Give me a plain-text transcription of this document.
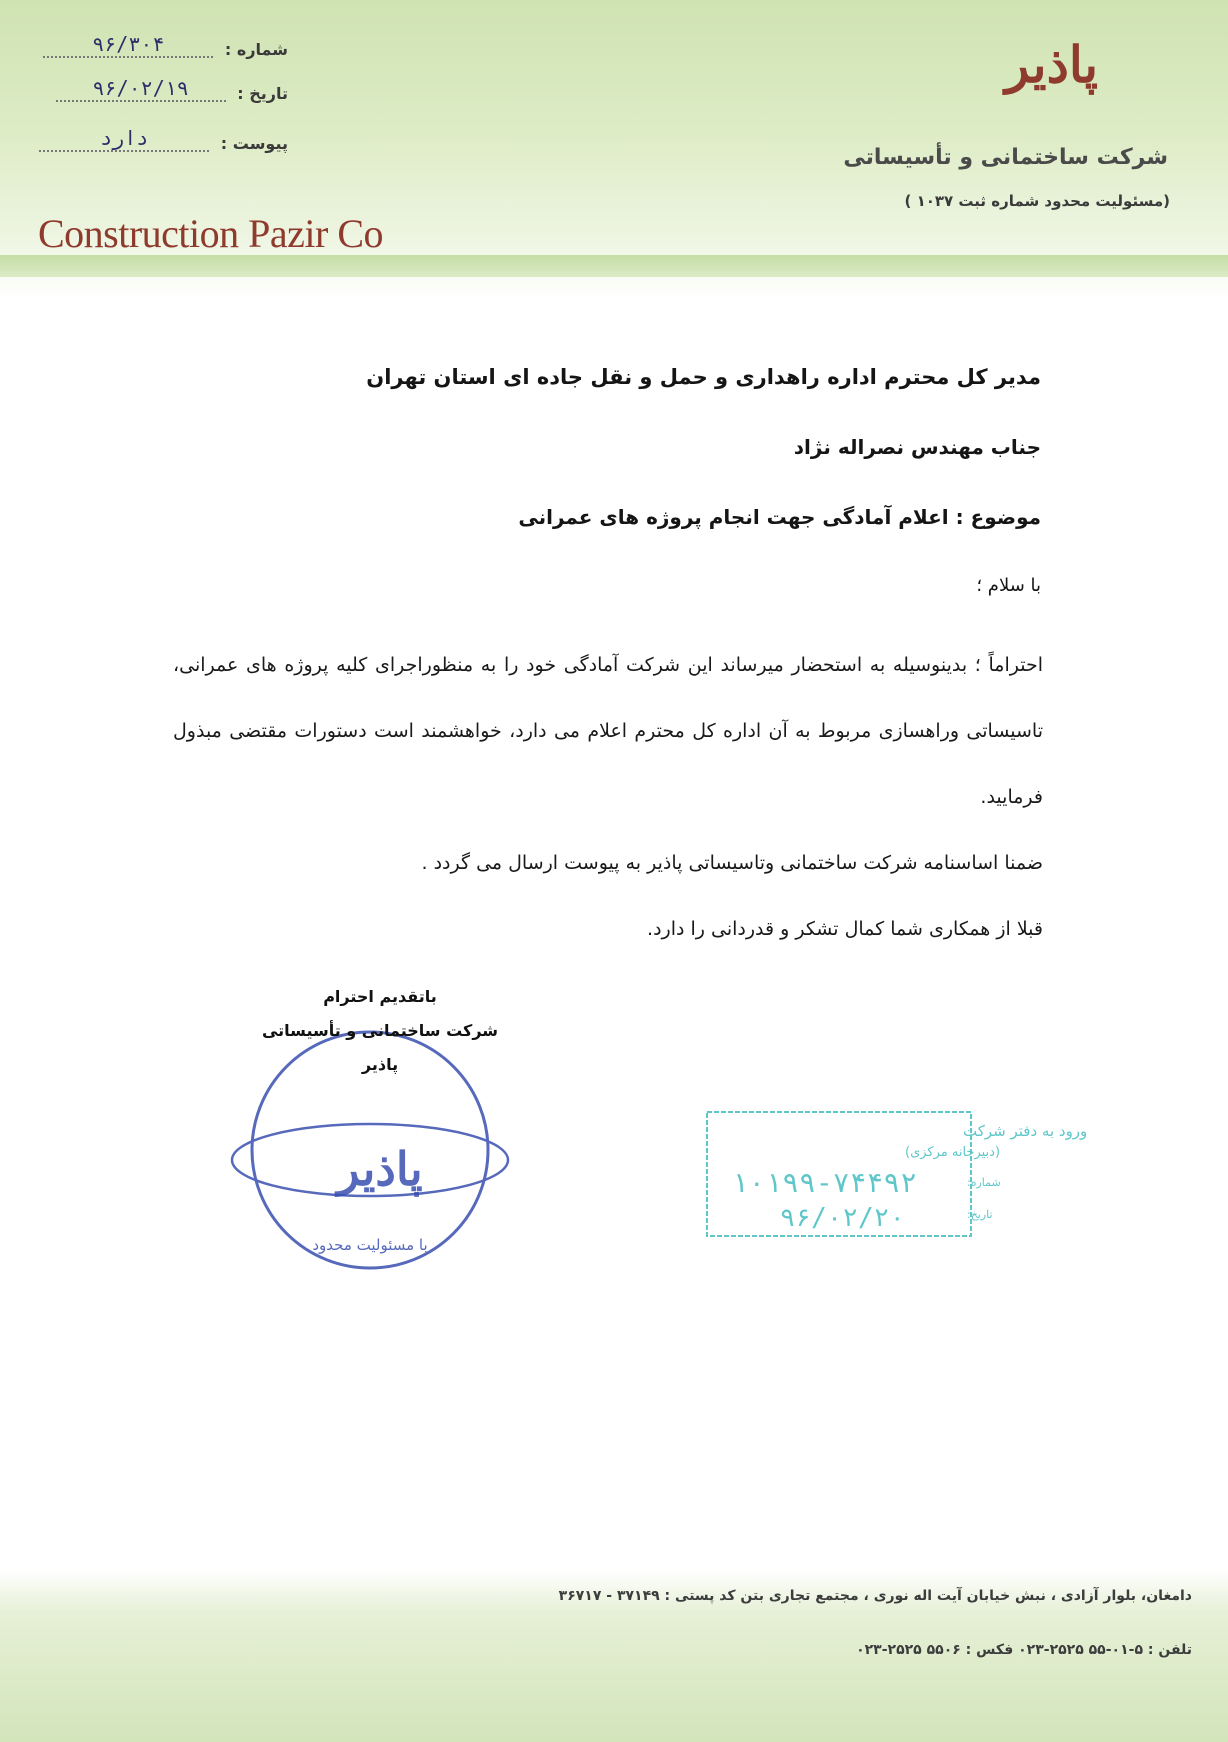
پاذیر
شرکت ساختمانی و تأسیساتی
(مسئولیت محدود شماره ثبت ۱۰۳۷ )
Construction Pazir Co
شماره : ۹۶/۳۰۴
تاریخ : ۹۶/۰۲/۱۹
پیوست : دارد
مدیر کل محترم اداره راهداری و حمل و نقل جاده ای استان تهران
جناب مهندس نصراله نژاد
موضوع : اعلام آمادگی جهت انجام پروژه های عمرانی
با سلام ؛

احتراماً ؛ بدینوسیله به استحضار میرساند این شرکت آمادگی خود را به منظوراجرای کلیه پروژه های عمرانی، تاسیساتی وراهسازی مربوط به آن اداره کل محترم اعلام می دارد، خواهشمند است دستورات مقتضی مبذول فرمایید.

ضمنا اساسنامه شرکت ساختمانی وتاسیساتی پاذیر به پیوست ارسال می گردد .

قبلا از همکاری شما کمال تشکر و قدردانی را دارد.

پاذیر
با مسئولیت محدود
باتقدیم احترام
شرکت ساختمانی و تأسیساتی
پاذیر
ورود به دفتر شرکت
(دبیرخانه مرکزی)
شماره:
۱۰۱۹۹-۷۴۴۹۲
تاریخ:
۹۶/۰۲/۲۰
دامغان، بلوار آزادی ، نبش خیابان آیت اله نوری ، مجتمع تجاری بتن کد پستی : ۳۷۱۴۹ - ۳۶۷۱۷
تلفن : ۵-۰۱-۵۵ ۲۵۲۵-۰۲۳ فکس : ۵۵۰۶ ۲۵۲۵-۰۲۳
